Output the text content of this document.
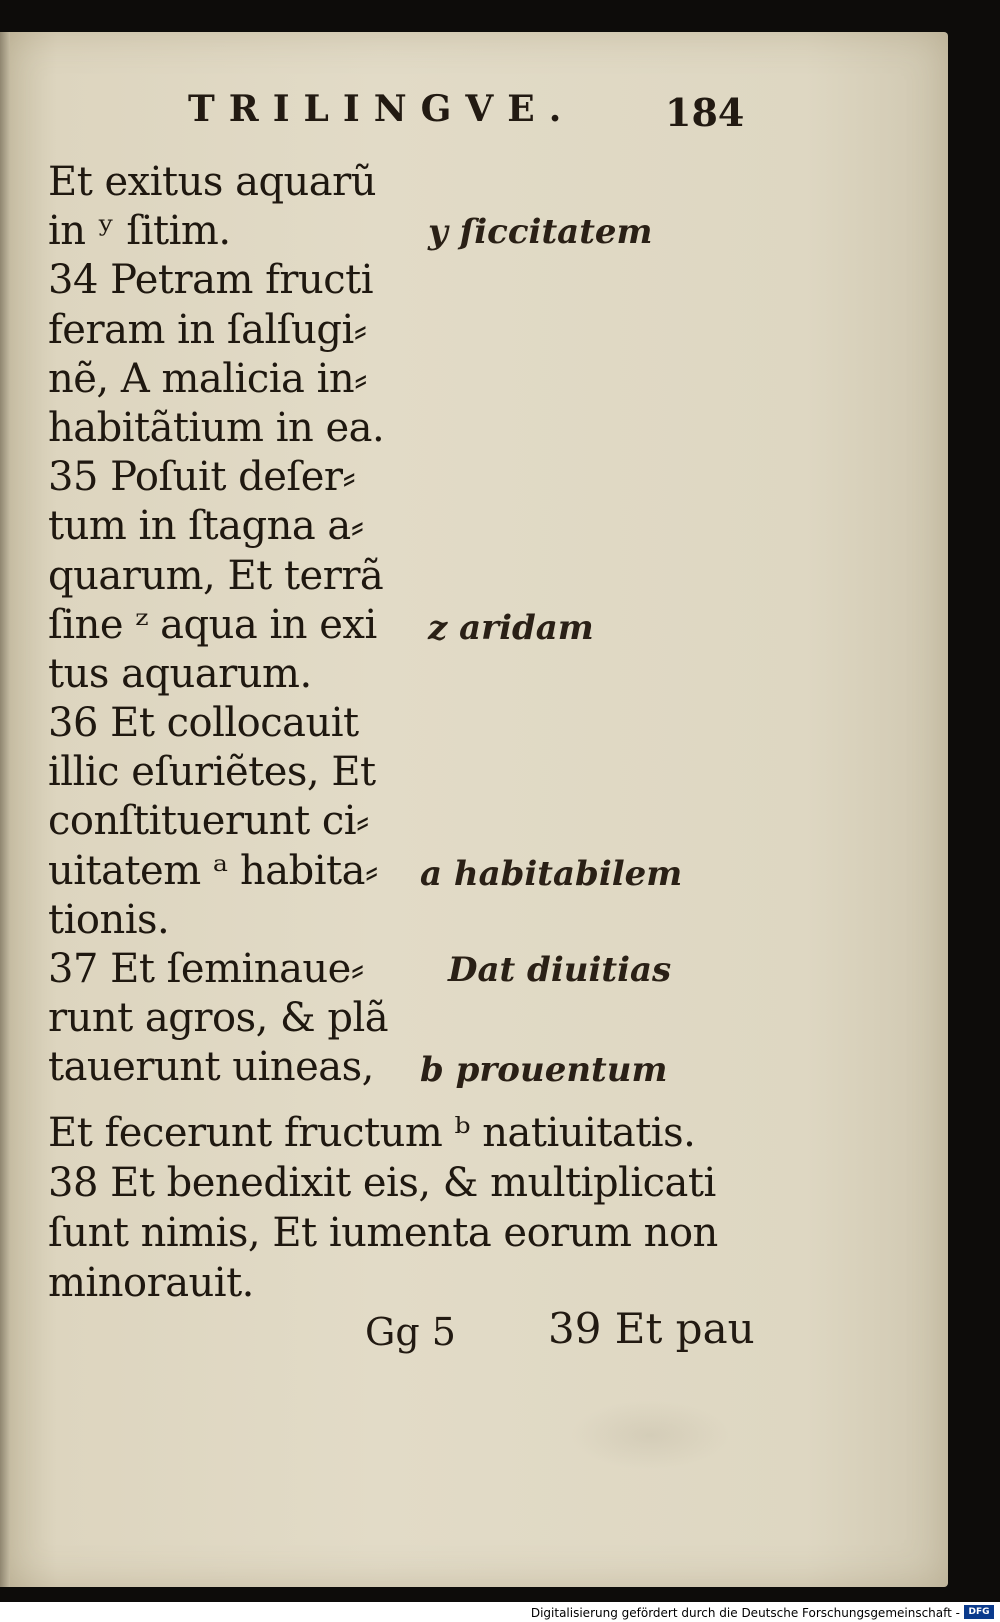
TRILINGVE. 184
Et exitus aquarũ
in ʸ ſitim.
34 Petram fructi
feram in ſalſugi⸗
nẽ, A malicia in⸗
habitãtium in ea.
35 Poſuit deſer⸗
tum in ſtagna a⸗
quarum, Et terrã
ſine ᶻ aqua in exi
tus aquarum.
36 Et collocauit
illic eſuriẽtes, Et
conſtituerunt ci⸗
uitatem ᵃ habita⸗
tionis.
37 Et ſeminaue⸗
runt agros, & plã
tauerunt uineas,
y ſiccitatem
z aridam
a habitabilem
Dat diuitias
b prouentum
Et fecerunt fructum ᵇ natiuitatis.
38 Et benedixit eis, & multiplicati
ſunt nimis, Et iumenta eorum non
minorauit.
Gg 5 39 Et pau
Digitalisierung gefördert durch die Deutsche Forschungsgemeinschaft - DFG
